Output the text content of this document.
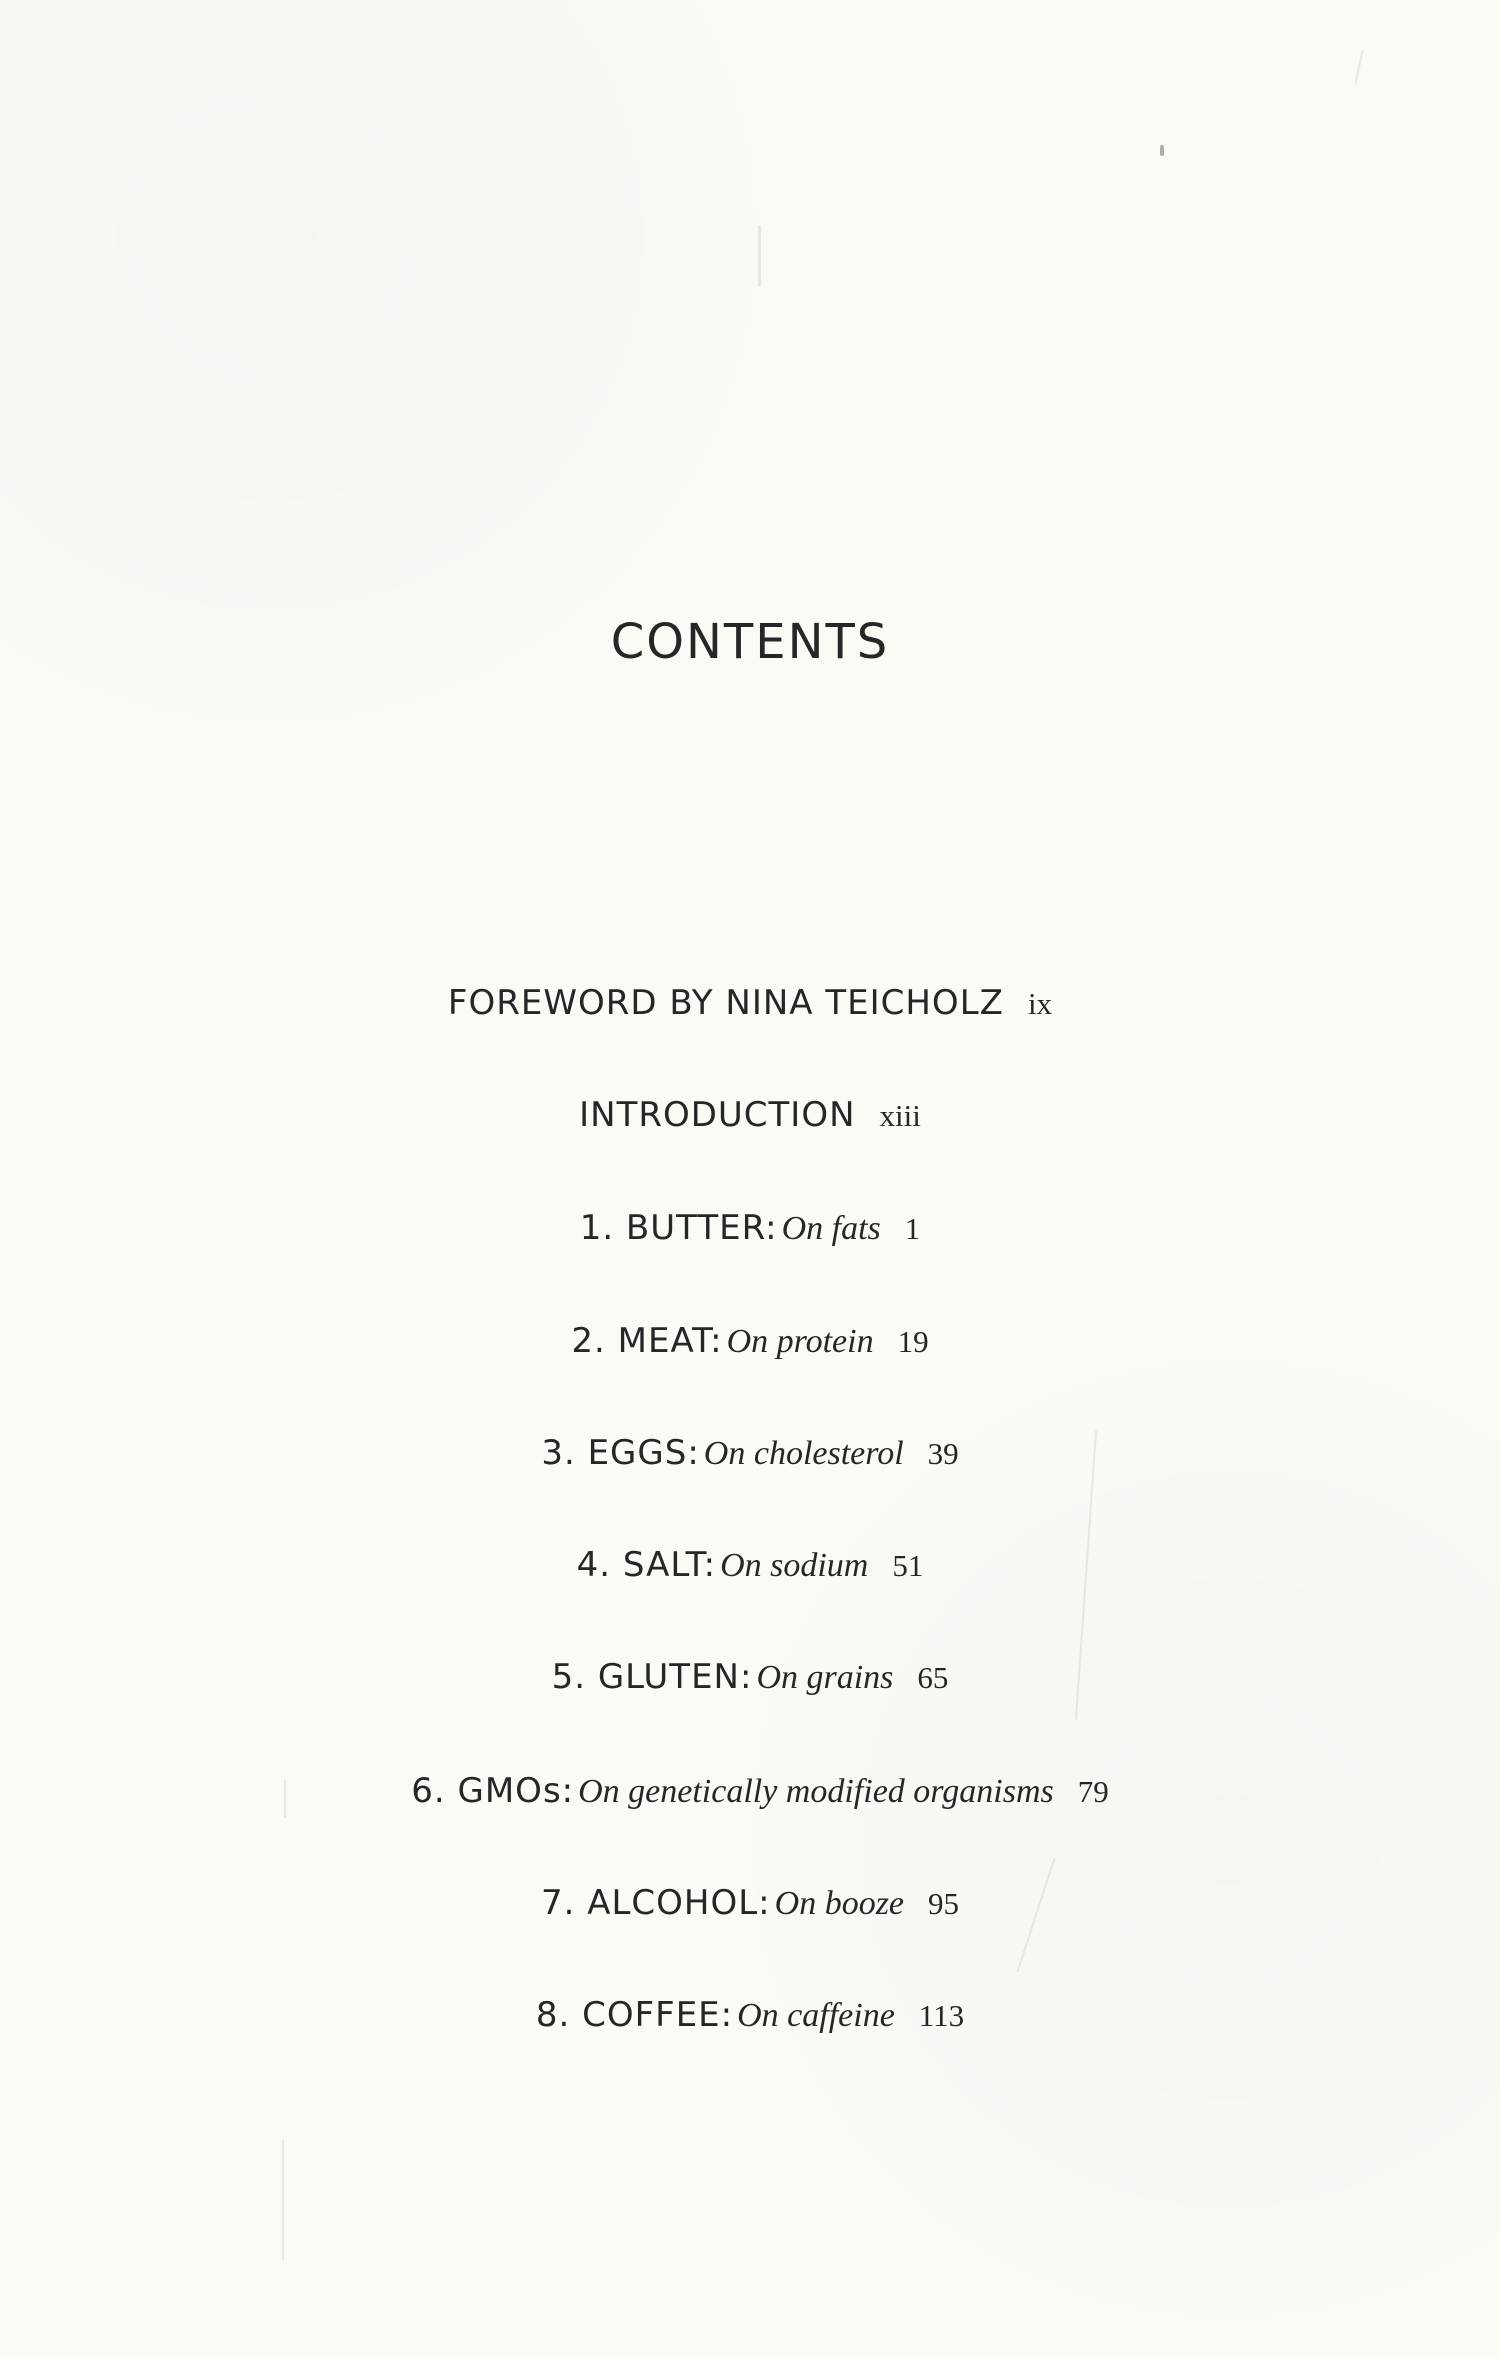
CONTENTS
FOREWORD BY NINA TEICHOLZ ix
INTRODUCTION xiii
1. BUTTER: On fats 1
2. MEAT: On protein 19
3. EGGS: On cholesterol 39
4. SALT: On sodium 51
5. GLUTEN: On grains 65
6. GMOs: On genetically modified organisms 79
7. ALCOHOL: On booze 95
8. COFFEE: On caffeine 113
